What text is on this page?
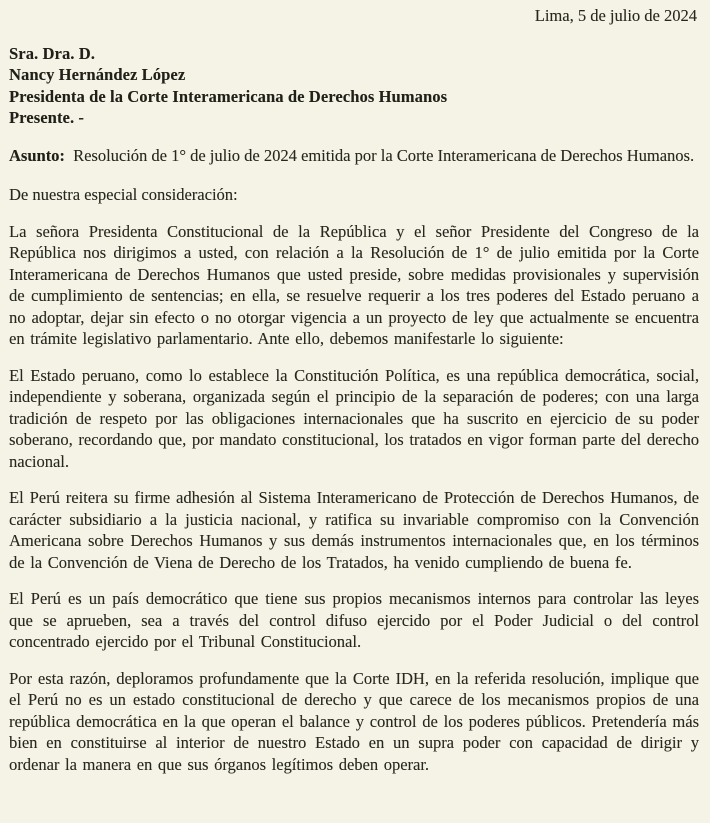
Lima, 5 de julio de 2024
Sra. Dra. D.
Nancy Hernández López
Presidenta de la Corte Interamericana de Derechos Humanos
Presente. -
Asunto: Resolución de 1° de julio de 2024 emitida por la Corte Interamericana de Derechos Humanos.
De nuestra especial consideración:

La señora Presidenta Constitucional de la República y el señor Presidente del Congreso de la República nos dirigimos a usted, con relación a la Resolución de 1° de julio emitida por la Corte Interamericana de Derechos Humanos que usted preside, sobre medidas provisionales y supervisión de cumplimiento de sentencias; en ella, se resuelve requerir a los tres poderes del Estado peruano a no adoptar, dejar sin efecto o no otorgar vigencia a un proyecto de ley que actualmente se encuentra en trámite legislativo parlamentario. Ante ello, debemos manifestarle lo siguiente:

El Estado peruano, como lo establece la Constitución Política, es una república democrática, social, independiente y soberana, organizada según el principio de la separación de poderes; con una larga tradición de respeto por las obligaciones internacionales que ha suscrito en ejercicio de su poder soberano, recordando que, por mandato constitucional, los tratados en vigor forman parte del derecho nacional.

El Perú reitera su firme adhesión al Sistema Interamericano de Protección de Derechos Humanos, de carácter subsidiario a la justicia nacional, y ratifica su invariable compromiso con la Convención Americana sobre Derechos Humanos y sus demás instrumentos internacionales que, en los términos de la Convención de Viena de Derecho de los Tratados, ha venido cumpliendo de buena fe.

El Perú es un país democrático que tiene sus propios mecanismos internos para controlar las leyes que se aprueben, sea a través del control difuso ejercido por el Poder Judicial o del control concentrado ejercido por el Tribunal Constitucional.

Por esta razón, deploramos profundamente que la Corte IDH, en la referida resolución, implique que el Perú no es un estado constitucional de derecho y que carece de los mecanismos propios de una república democrática en la que operan el balance y control de los poderes públicos. Pretendería más bien en constituirse al interior de nuestro Estado en un supra poder con capacidad de dirigir y ordenar la manera en que sus órganos legítimos deben operar.
